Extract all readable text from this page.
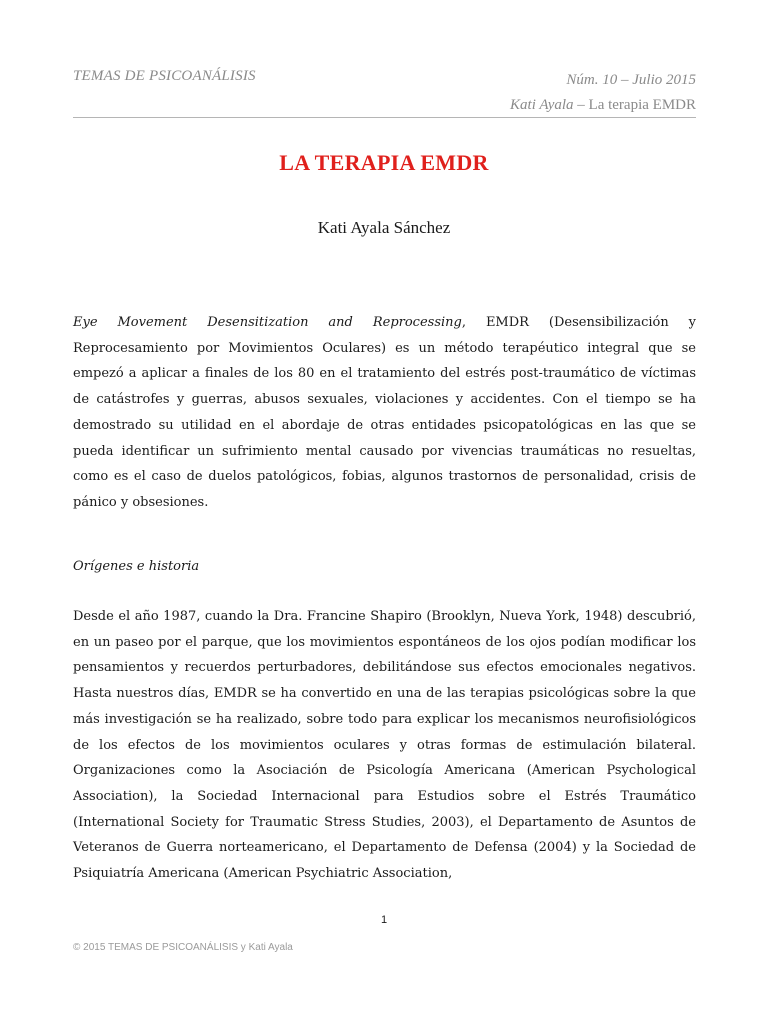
TEMAS DE PSICOANÁLISIS	Núm. 10 – Julio 2015
Kati Ayala – La terapia EMDR
LA TERAPIA EMDR
Kati Ayala Sánchez
Eye Movement Desensitization and Reprocessing, EMDR (Desensibilización y Reprocesamiento por Movimientos Oculares) es un método terapéutico integral que se empezó a aplicar a finales de los 80 en el tratamiento del estrés post-traumático de víctimas de catástrofes y guerras, abusos sexuales, violaciones y accidentes. Con el tiempo se ha demostrado su utilidad en el abordaje de otras entidades psicopatológicas en las que se pueda identificar un sufrimiento mental causado por vivencias traumáticas no resueltas, como es el caso de duelos patológicos, fobias, algunos trastornos de personalidad, crisis de pánico y obsesiones.
Orígenes e historia
Desde el año 1987, cuando la Dra. Francine Shapiro (Brooklyn, Nueva York, 1948) descubrió, en un paseo por el parque, que los movimientos espontáneos de los ojos podían modificar los pensamientos y recuerdos perturbadores, debilitándose sus efectos emocionales negativos. Hasta nuestros días, EMDR se ha convertido en una de las terapias psicológicas sobre la que más investigación se ha realizado, sobre todo para explicar los mecanismos neurofisiológicos de los efectos de los movimientos oculares y otras formas de estimulación bilateral. Organizaciones como la Asociación de Psicología Americana (American Psychological Association), la Sociedad Internacional para Estudios sobre el Estrés Traumático (International Society for Traumatic Stress Studies, 2003), el Departamento de Asuntos de Veteranos de Guerra norteamericano, el Departamento de Defensa (2004) y la Sociedad de Psiquiatría Americana (American Psychiatric Association,
1
© 2015 TEMAS DE PSICOANÁLISIS y Kati Ayala
